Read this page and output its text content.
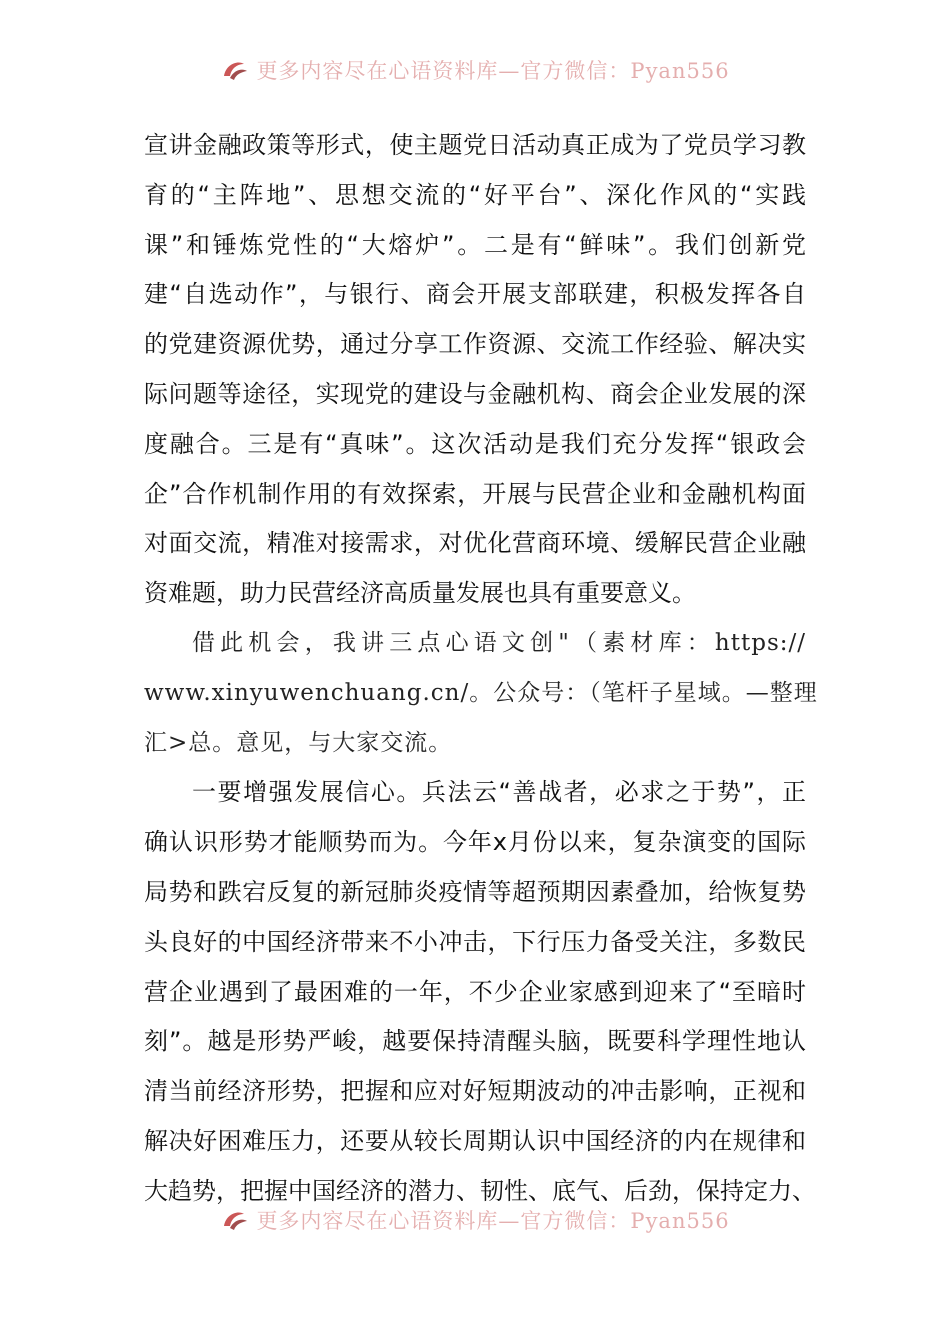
更多内容尽在心语资料库—官方微信：Pyan556
宣讲金融政策等形式，使主题党日活动真正成为了党员学习教
育的“主阵地”、思想交流的“好平台”、深化作风的“实践
课”和锤炼党性的“大熔炉”。二是有“鲜味”。我们创新党
建“自选动作”，与银行、商会开展支部联建，积极发挥各自
的党建资源优势，通过分享工作资源、交流工作经验、解决实
际问题等途径，实现党的建设与金融机构、商会企业发展的深
度融合。三是有“真味”。这次活动是我们充分发挥“银政会
企”合作机制作用的有效探索，开展与民营企业和金融机构面
对面交流，精准对接需求，对优化营商环境、缓解民营企业融
资难题，助力民营经济高质量发展也具有重要意义。
借此机会，我讲三点心语文创"（素材库：https://
www.xinyuwenchuang.cn/。公众号：（笔杆子星域。—整理
汇>总。意见，与大家交流。
一要增强发展信心。兵法云“善战者，必求之于势”，正
确认识形势才能顺势而为。今年x月份以来，复杂演变的国际
局势和跌宕反复的新冠肺炎疫情等超预期因素叠加，给恢复势
头良好的中国经济带来不小冲击，下行压力备受关注，多数民
营企业遇到了最困难的一年，不少企业家感到迎来了“至暗时
刻”。越是形势严峻，越要保持清醒头脑，既要科学理性地认
清当前经济形势，把握和应对好短期波动的冲击影响，正视和
解决好困难压力，还要从较长周期认识中国经济的内在规律和
大趋势，把握中国经济的潜力、韧性、底气、后劲，保持定力、
更多内容尽在心语资料库—官方微信：Pyan556
